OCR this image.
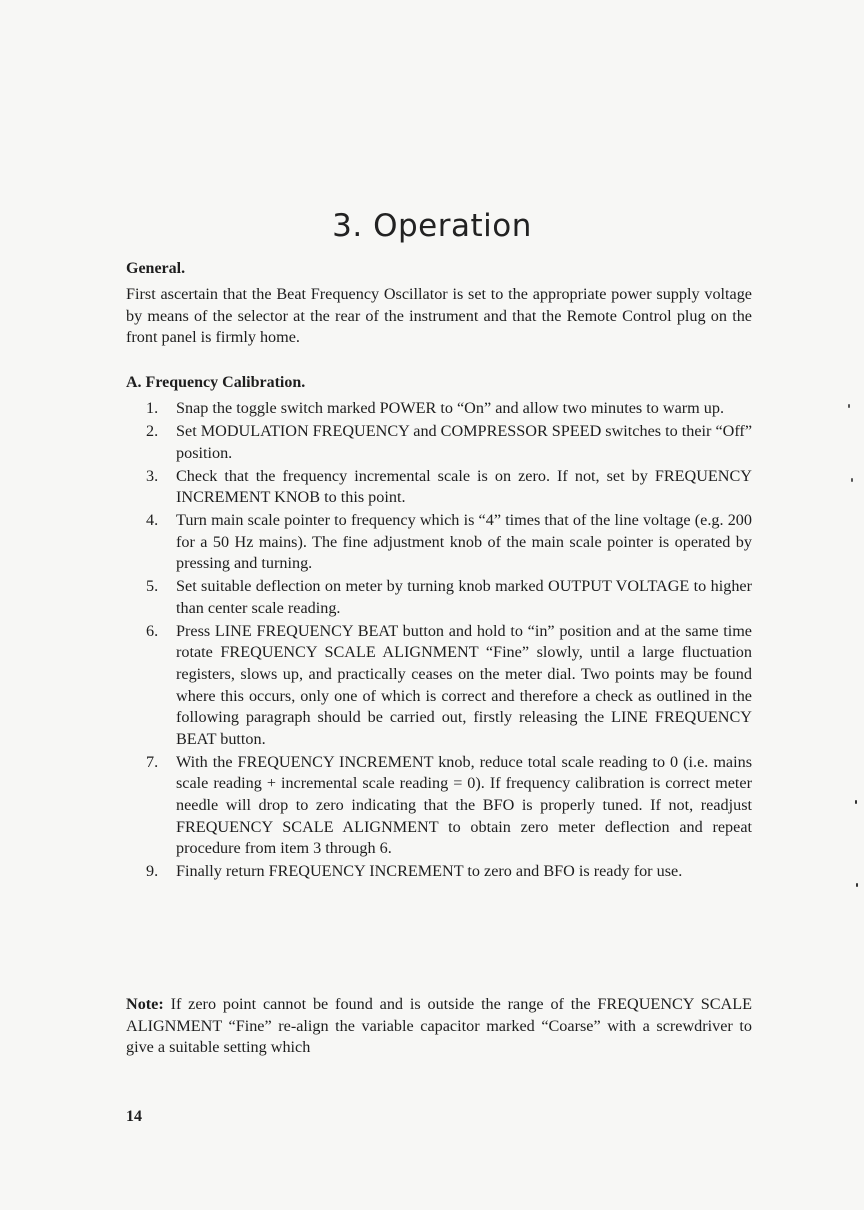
3. Operation
General.

First ascertain that the Beat Frequency Oscillator is set to the appropriate power supply voltage by means of the selector at the rear of the instrument and that the Remote Control plug on the front panel is firmly home.

A. Frequency Calibration.
1. Snap the toggle switch marked POWER to “On” and allow two minutes to warm up.
2. Set MODULATION FREQUENCY and COMPRESSOR SPEED switches to their “Off” position.
3. Check that the frequency incremental scale is on zero. If not, set by FREQUENCY INCREMENT KNOB to this point.
4. Turn main scale pointer to frequency which is “4” times that of the line voltage (e.g. 200 for a 50 Hz mains). The fine adjustment knob of the main scale pointer is operated by pressing and turning.
5. Set suitable deflection on meter by turning knob marked OUTPUT VOLTAGE to higher than center scale reading.
6. Press LINE FREQUENCY BEAT button and hold to “in” position and at the same time rotate FREQUENCY SCALE ALIGNMENT “Fine” slowly, until a large fluctuation registers, slows up, and practically ceases on the meter dial. Two points may be found where this occurs, only one of which is correct and therefore a check as outlined in the following paragraph should be carried out, firstly releasing the LINE FREQUENCY BEAT button.
7. With the FREQUENCY INCREMENT knob, reduce total scale reading to 0 (i.e. mains scale reading + incremental scale reading = 0). If frequency calibration is correct meter needle will drop to zero indicating that the BFO is properly tuned. If not, readjust FREQUENCY SCALE ALIGNMENT to obtain zero meter deflection and repeat procedure from item 3 through 6.
9. Finally return FREQUENCY INCREMENT to zero and BFO is ready for use.

Note: If zero point cannot be found and is outside the range of the FREQUENCY SCALE ALIGNMENT “Fine” re-align the variable capacitor marked “Coarse” with a screwdriver to give a suitable setting which

14
